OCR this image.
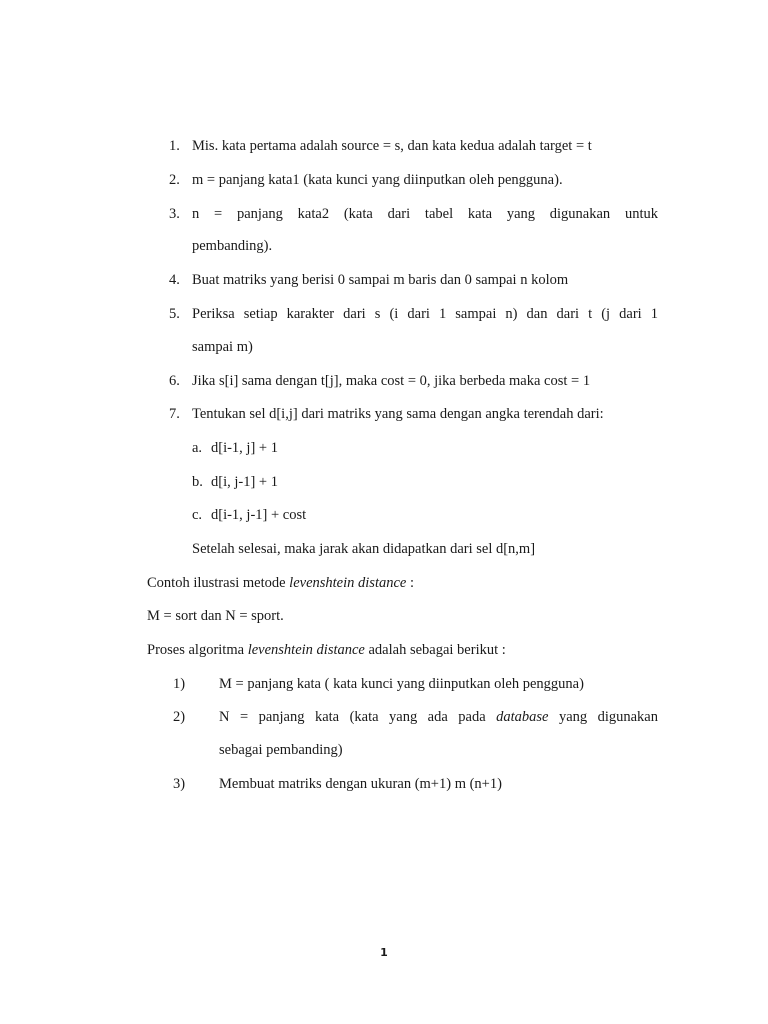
1. Mis. kata pertama adalah source = s, dan kata kedua adalah target = t
2. m = panjang kata1 (kata kunci yang diinputkan oleh pengguna).
3. n = panjang kata2 (kata dari tabel kata yang digunakan untuk
pembanding).
4. Buat matriks yang berisi 0 sampai m baris dan 0 sampai n kolom
5. Periksa setiap karakter dari s (i dari 1 sampai n) dan dari t (j dari 1
sampai m)
6. Jika s[i] sama dengan t[j], maka cost = 0, jika berbeda maka cost = 1
7. Tentukan sel d[i,j] dari matriks yang sama dengan angka terendah dari:
a. d[i-1, j] + 1
b. d[i, j-1] + 1
c. d[i-1, j-1] + cost
Setelah selesai, maka jarak akan didapatkan dari sel d[n,m]
Contoh ilustrasi metode levenshtein distance :
M = sort dan N = sport.
Proses algoritma levenshtein distance adalah sebagai berikut :
1) M = panjang kata ( kata kunci yang diinputkan oleh pengguna)
2) N = panjang kata (kata yang ada pada database yang digunakan
sebagai pembanding)
3) Membuat matriks dengan ukuran (m+1) m (n+1)
1
